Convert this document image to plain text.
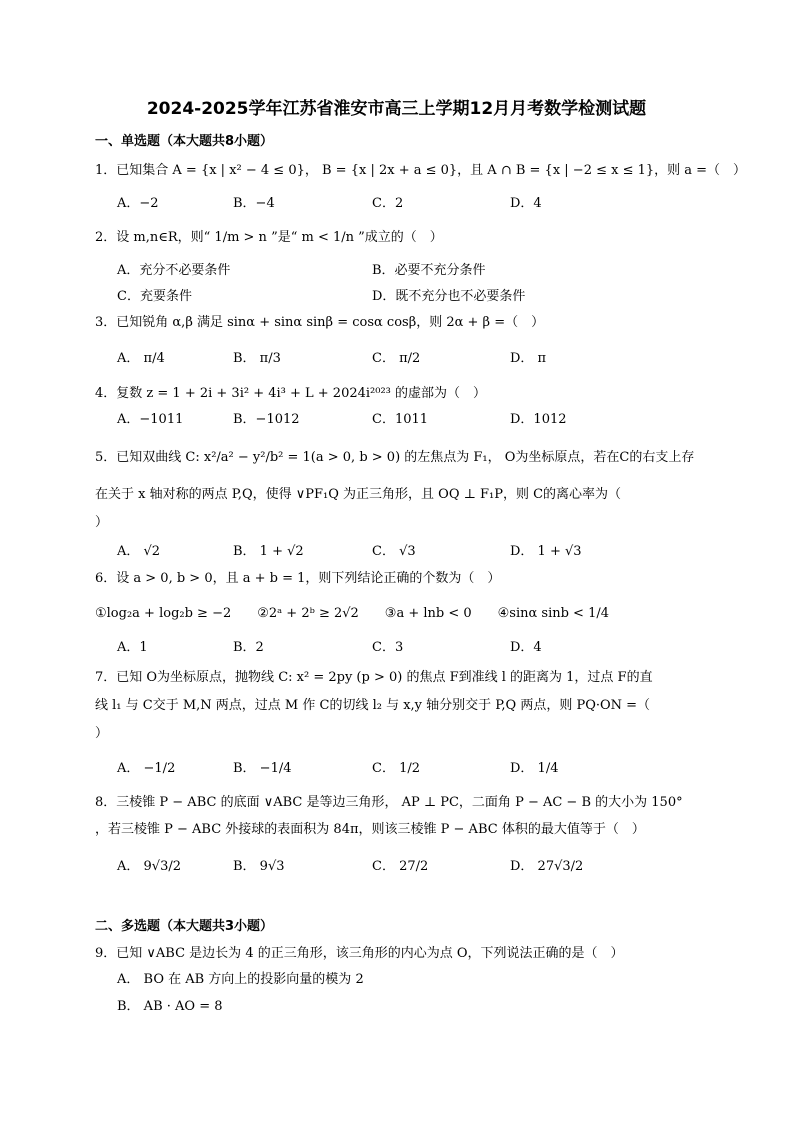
2024-2025学年江苏省淮安市高三上学期12月月考数学检测试题
一、单选题（本大题共8小题）
1．已知集合 A = {x | x² − 4 ≤ 0}， B = {x | 2x + a ≤ 0}，且 A ∩ B = {x | −2 ≤ x ≤ 1}，则 a =（　）
A．−2	B．−4	C．2	D．4
2．设 m,n∈R，则“ 1/m > n ”是“ m < 1/n ”成立的（　）
A．充分不必要条件	B．必要不充分条件
C．充要条件	D．既不充分也不必要条件
3．已知锐角 α,β 满足 sinα + sinα sinβ = cosα cosβ，则 2α + β =（　）
A． π/4	B． π/3	C． π/2	D． π
4．复数 z = 1 + 2i + 3i² + 4i³ + L + 2024i²⁰²³ 的虚部为（　）
A．−1011	B．−1012	C．1011	D．1012
5．已知双曲线 C: x²/a² − y²/b² = 1(a > 0, b > 0) 的左焦点为 F₁， O为坐标原点，若在C的右支上存
在关于 x 轴对称的两点 P,Q，使得 ∨PF₁Q 为正三角形，且 OQ ⊥ F₁P，则 C的离心率为（
）
A． √2	B． 1 + √2	C． √3	D． 1 + √3
6．设 a > 0, b > 0，且 a + b = 1，则下列结论正确的个数为（　）
①log₂a + log₂b ≥ −2　　②2ᵃ + 2ᵇ ≥ 2√2　　③a + lnb < 0　　④sinα sinb < 1/4
A．1	B．2	C．3	D．4
7．已知 O为坐标原点，抛物线 C: x² = 2py (p > 0) 的焦点 F到准线 l 的距离为 1，过点 F的直
线 l₁ 与 C交于 M,N 两点，过点 M 作 C的切线 l₂ 与 x,y 轴分别交于 P,Q 两点，则 PQ·ON =（
）
A． −1/2	B． −1/4	C． 1/2	D． 1/4
8．三棱锥 P − ABC 的底面 ∨ABC 是等边三角形， AP ⊥ PC，二面角 P − AC − B 的大小为 150°
，若三棱锥 P − ABC 外接球的表面积为 84π，则该三棱锥 P − ABC 体积的最大值等于（　）
A． 9√3/2	B． 9√3	C． 27/2	D． 27√3/2
二、多选题（本大题共3小题）
9．已知 ∨ABC 是边长为 4 的正三角形，该三角形的内心为点 O，下列说法正确的是（　）
A． BO 在 AB 方向上的投影向量的模为 2
B． AB · AO = 8
